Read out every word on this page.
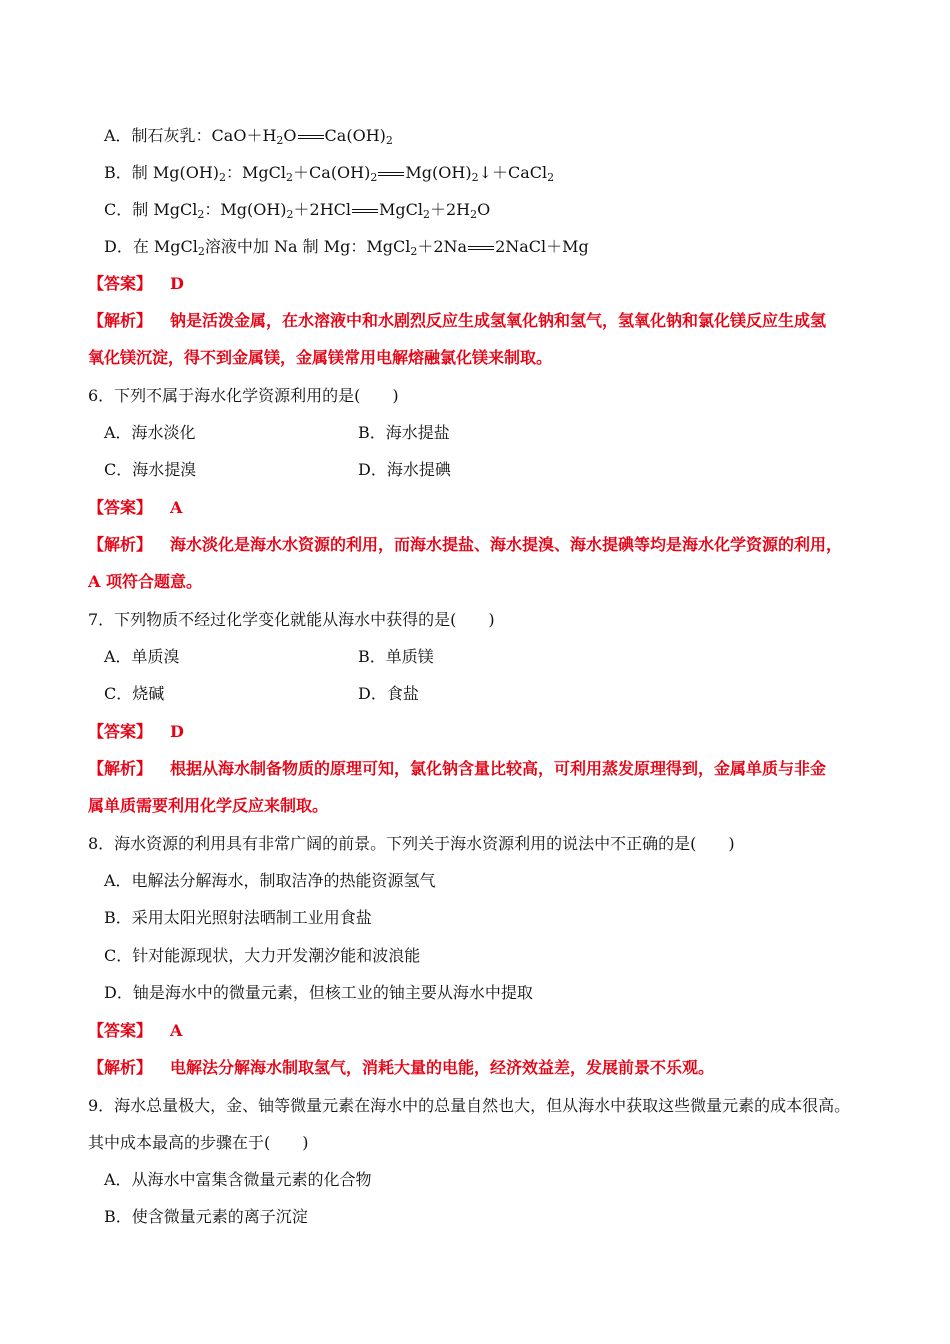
A．制石灰乳：$CaO+H_2O$ $Ca(OH)_2$
B．制 $Mg(OH)_2$：$MgCl_2+Ca(OH)_2$ $Mg(OH)_2↓+CaCl_2$
C．制 MgCl$_2$：$Mg(OH)_2+2HCl$ $MgCl_2+2H_2O$
D．在 MgCl$_2$溶液中加 Na 制 Mg：MgCl$_2$＋2Na 2NaCl＋Mg
【答案】 D
【解析】 钠是活泼金属，在水溶液中和水剧烈反应生成氢氧化钠和氢气，氢氧化钠和氯化镁反应生成氢
氧化镁沉淀，得不到金属镁，金属镁常用电解熔融氯化镁来制取。
6．下列不属于海水化学资源利用的是(　　)
A．海水淡化	B．海水提盐
C．海水提溴	D．海水提碘
【答案】 A
【解析】 海水淡化是海水水资源的利用，而海水提盐、海水提溴、海水提碘等均是海水化学资源的利用，
A 项符合题意。
7．下列物质不经过化学变化就能从海水中获得的是(　　)
A．单质溴	B．单质镁
C．烧碱	D．食盐
【答案】 D
【解析】 根据从海水制备物质的原理可知，氯化钠含量比较高，可利用蒸发原理得到，金属单质与非金
属单质需要利用化学反应来制取。
8．海水资源的利用具有非常广阔的前景。下列关于海水资源利用的说法中不正确的是(　　)
A．电解法分解海水，制取洁净的热能资源氢气
B．采用太阳光照射法晒制工业用食盐
C．针对能源现状，大力开发潮汐能和波浪能
D．铀是海水中的微量元素，但核工业的铀主要从海水中提取
【答案】 A
【解析】 电解法分解海水制取氢气，消耗大量的电能，经济效益差，发展前景不乐观。
9．海水总量极大，金、铀等微量元素在海水中的总量自然也大，但从海水中获取这些微量元素的成本很高。
其中成本最高的步骤在于(　　)
A．从海水中富集含微量元素的化合物
B．使含微量元素的离子沉淀
